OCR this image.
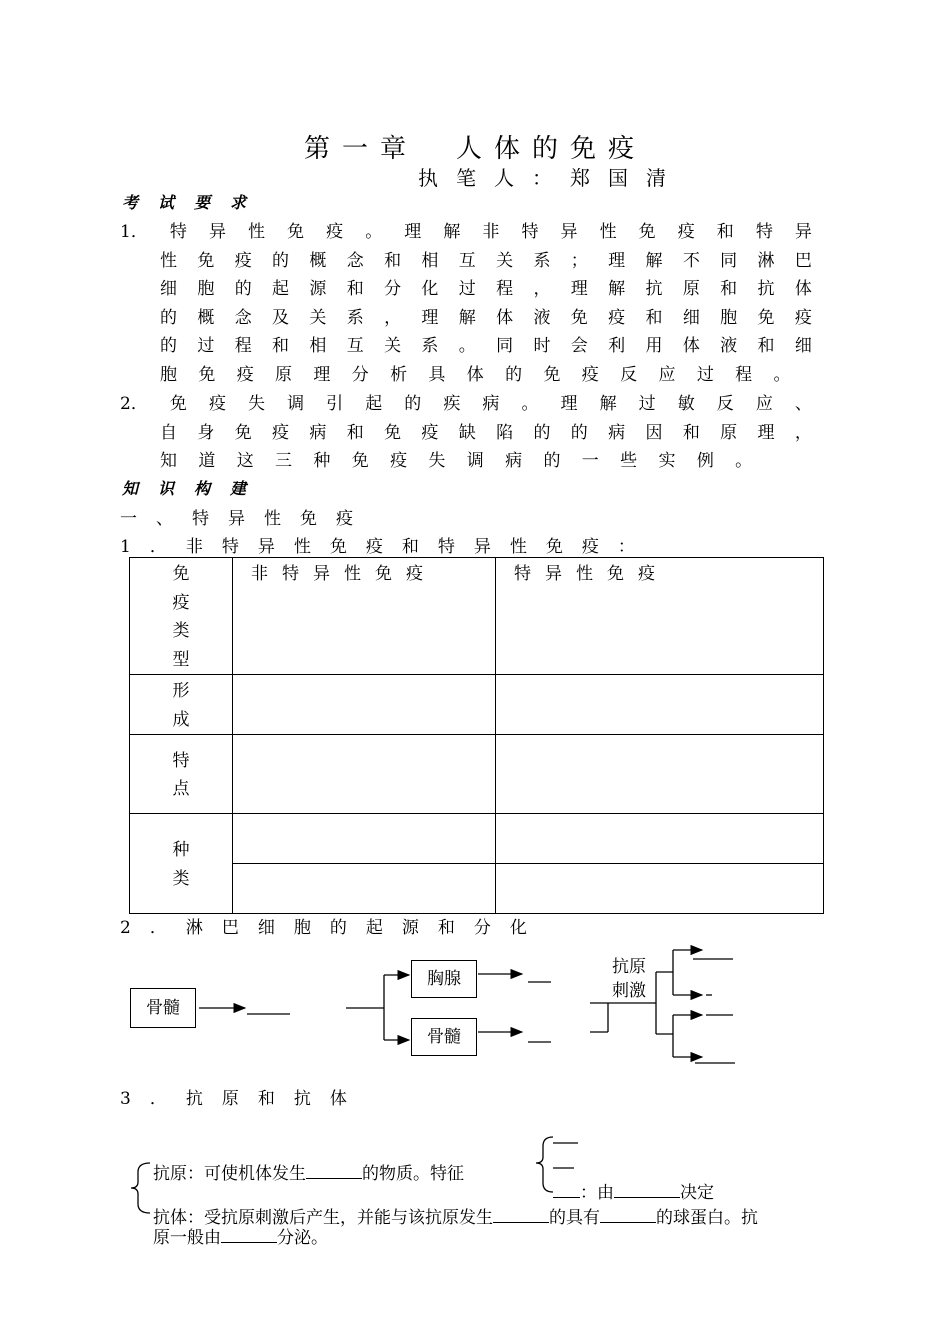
第一章　人体的免疫
执笔人：郑国清
考试要求
1． 特 异 性 免 疫 。 理 解 非 特 异 性 免 疫 和 特 异
性 免 疫 的 概 念 和 相 互 关 系 ； 理 解 不 同 淋 巴
细 胞 的 起 源 和 分 化 过 程 ， 理 解 抗 原 和 抗 体
的 概 念 及 关 系 ， 理 解 体 液 免 疫 和 细 胞 免 疫
的 过 程 和 相 互 关 系 。 同 时 会 利 用 体 液 和 细
胞 免 疫 原 理 分 析 具 体 的 免 疫 反 应 过 程 。
2． 免 疫 失 调 引 起 的 疾 病 。 理 解 过 敏 反 应 、
自 身 免 疫 病 和 免 疫 缺 陷 的 的 病 因 和 原 理 ，
知 道 这 三 种 免 疫 失 调 病 的 一 些 实 例 。
知识构建
一、特异性免疫
1．非特异性免疫和特异性免疫：
免疫类型	非特异性免疫	特异性免疫

形成		
特点		
种类		

2．淋巴细胞的起源和分化
骨髓
胸腺
骨髓
抗原刺激
3．抗原和抗体
抗原：可使机体发生	的物质。特征
：由	决定
抗体：受抗原刺激后产生，并能与该抗原发生	的具有	的球蛋白。抗
原一般由	分泌。
